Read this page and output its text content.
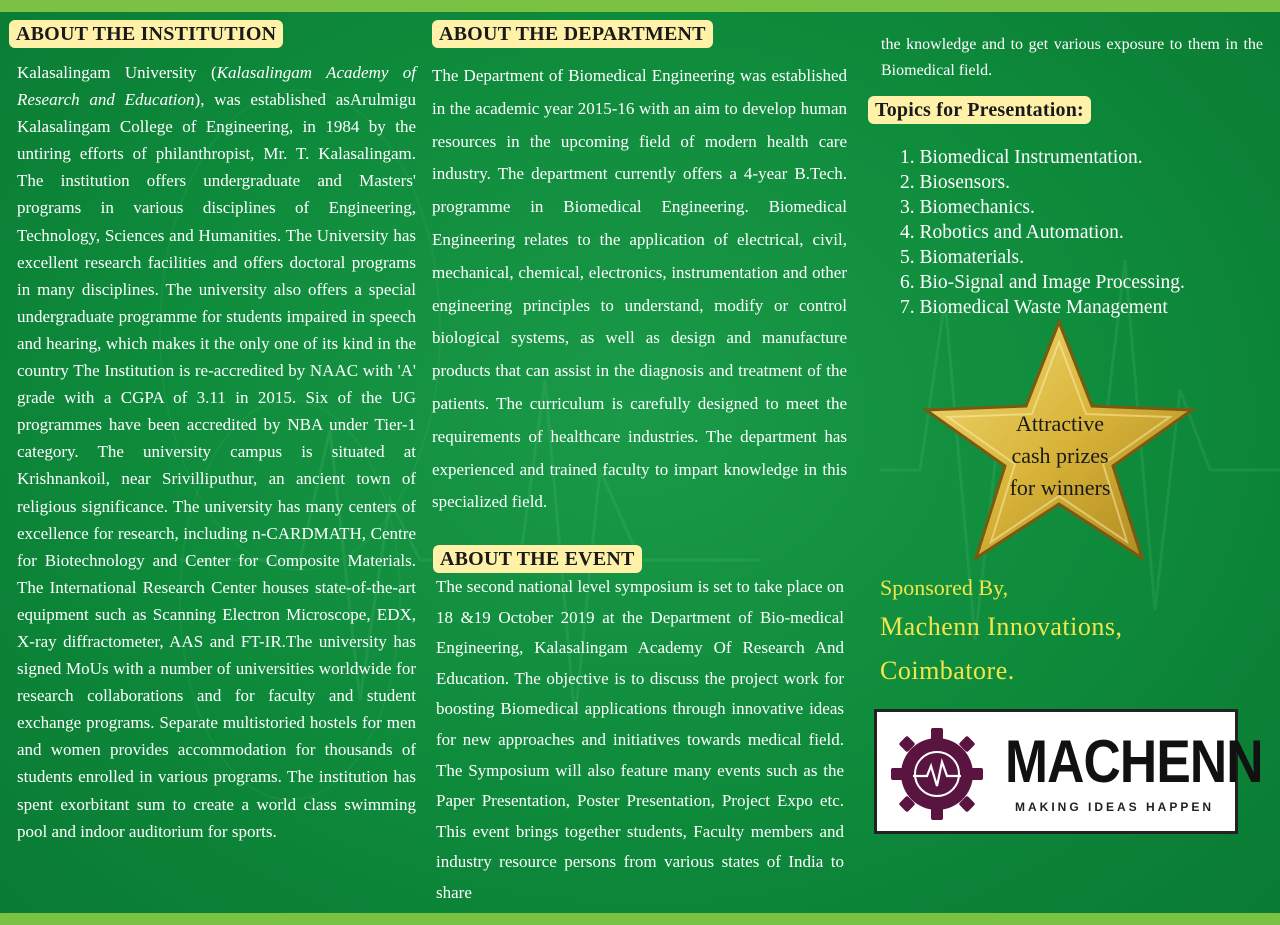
ABOUT THE INSTITUTION

Kalasalingam University (Kalasalingam Academy of Research and Education), was established asArulmigu Kalasalingam College of Engineering, in 1984 by the untiring efforts of philanthropist, Mr. T. Kalasalingam. The institution offers undergraduate and Masters' programs in various disciplines of Engineering, Technology, Sciences and Humanities. The University has excellent research facilities and offers doctoral programs in many disciplines. The university also offers a special undergraduate programme for students impaired in speech and hearing, which makes it the only one of its kind in the country The Institution is re-accredited by NAAC with 'A' grade with a CGPA of 3.11 in 2015. Six of the UG programmes have been accredited by NBA under Tier-1 category. The university campus is situated at Krishnankoil, near Srivilliputhur, an ancient town of religious significance. The university has many centers of excellence for research, including n-CARDMATH, Centre for Biotechnology and Center for Composite Materials. The International Research Center houses state-of-the-art equipment such as Scanning Electron Microscope, EDX, X-ray diffractometer, AAS and FT-IR.The university has signed MoUs with a number of universities worldwide for research collaborations and for faculty and student exchange programs. Separate multistoried hostels for men and women provides accommodation for thousands of students enrolled in various programs. The institution has spent exorbitant sum to create a world class swimming pool and indoor auditorium for sports.

ABOUT THE DEPARTMENT

The Department of Biomedical Engineering was established in the academic year 2015-16 with an aim to develop human resources in the upcoming field of modern health care industry. The department currently offers a 4-year B.Tech. programme in Biomedical Engineering. Biomedical Engineering relates to the application of electrical, civil, mechanical, chemical, electronics, instrumentation and other engineering principles to understand, modify or control biological systems, as well as design and manufacture products that can assist in the diagnosis and treatment of the patients. The curriculum is carefully designed to meet the requirements of healthcare industries. The department has experienced and trained faculty to impart knowledge in this specialized field.

ABOUT THE EVENT

The second national level symposium is set to take place on 18 &19 October 2019 at the Department of Bio-medical Engineering, Kalasalingam Academy Of Research And Education. The objective is to discuss the project work for boosting Biomedical applications through innovative ideas for new approaches and initiatives towards medical field. The Symposium will also feature many events such as the Paper Presentation, Poster Presentation, Project Expo etc. This event brings together students, Faculty members and industry resource persons from various states of India to share

the knowledge and to get various exposure to them in the Biomedical field.

Topics for Presentation:
1. Biomedical Instrumentation.
2. Biosensors.
3. Biomechanics.
4. Robotics and Automation.
5. Biomaterials.
6. Bio-Signal and Image Processing.
7. Biomedical Waste Management
Attractive
cash prizes
for winners
Sponsored By,
Machenn Innovations,
Coimbatore.
MACHENN
MAKING IDEAS HAPPEN
